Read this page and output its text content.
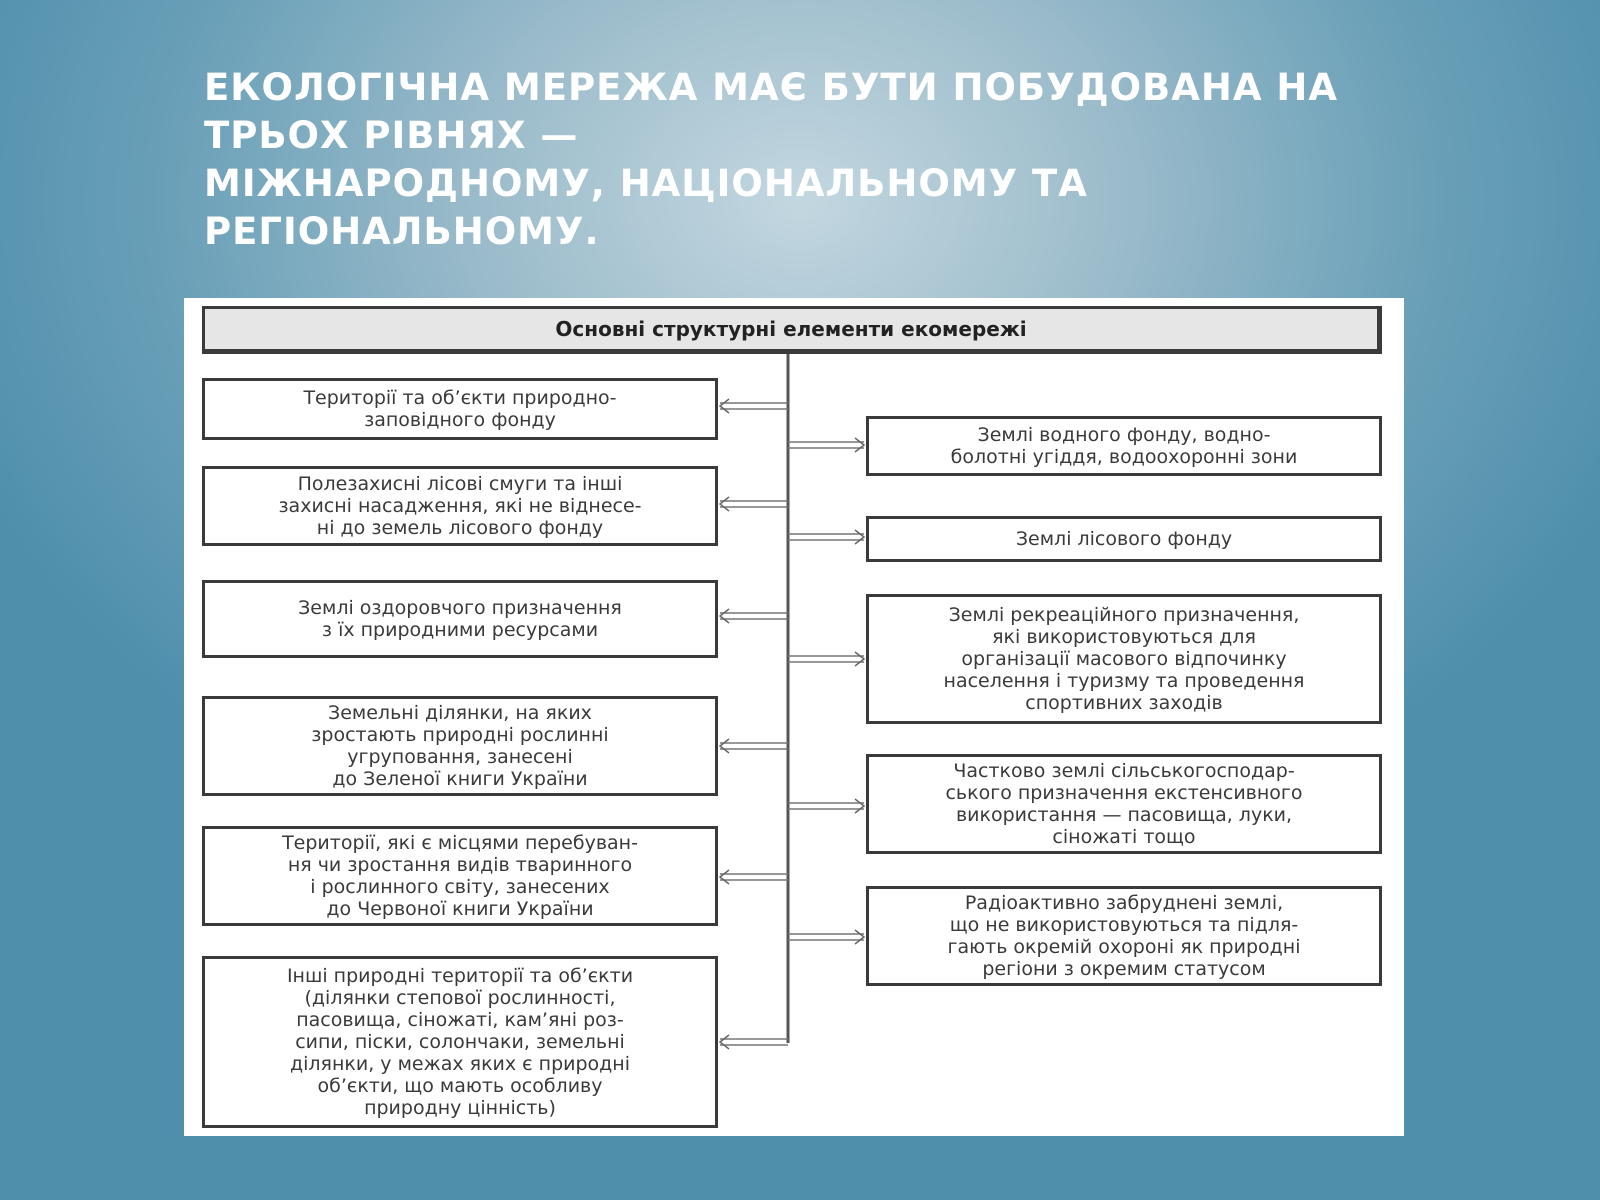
ЕКОЛОГІЧНА МЕРЕЖА МАЄ БУТИ ПОБУДОВАНА НА
ТРЬОХ РІВНЯХ —
МІЖНАРОДНОМУ, НАЦІОНАЛЬНОМУ ТА
РЕГІОНАЛЬНОМУ.
Основні структурні елементи екомережі
Території та об’єкти природно-
заповідного фонду
Полезахисні лісові смуги та інші
захисні насадження, які не віднесе-
ні до земель лісового фонду
Землі оздоровчого призначення
з їх природними ресурсами
Земельні ділянки, на яких
зростають природні рослинні
угруповання, занесені
до Зеленої книги України
Території, які є місцями перебуван-
ня чи зростання видів тваринного
і рослинного світу, занесених
до Червоної книги України
Інші природні території та об’єкти
(ділянки степової рослинності,
пасовища, сіножаті, кам’яні роз-
сипи, піски, солончаки, земельні
ділянки, у межах яких є природні
об’єкти, що мають особливу
природну цінність)
Землі водного фонду, водно-
болотні угіддя, водоохоронні зони
Землі лісового фонду
Землі рекреаційного призначення,
які використовуються для
організації масового відпочинку
населення і туризму та проведення
спортивних заходів
Частково землі сільськогосподар-
ського призначення екстенсивного
використання — пасовища, луки,
сіножаті тощо
Радіоактивно забруднені землі,
що не використовуються та підля-
гають окремій охороні як природні
регіони з окремим статусом
